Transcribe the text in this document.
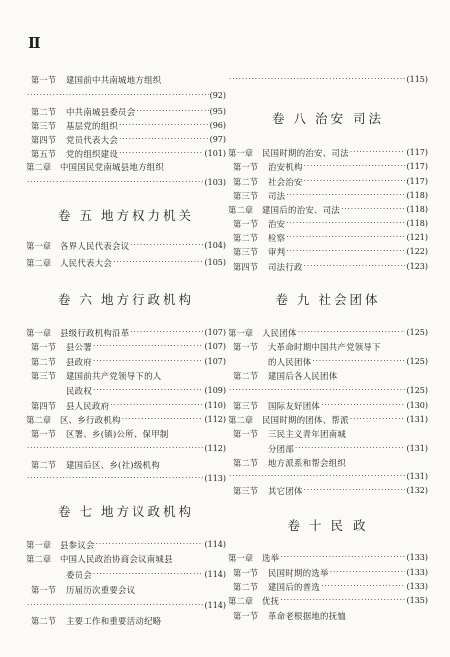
Ⅱ
第一节	建国前中共南城地方组织
·····
(92)
第二节	中共南城县委员会 ·····	(95)
第三节	基层党的组织 ·····	(96)
第四节	党员代表大会 ·····	(97)
第五节	党的组织建设 ·····	(101)
第二章	中国国民党南城县地方组织
·····
(103)
卷 五 地方权力机关
第一章	各界人民代表会议 ·····	(104)
第二章	人民代表大会 ·····	(105)
卷 六 地方行政机构
第一章	县级行政机构沿革 ·····	(107)
第一节	县公署 ·····	(107)
第二节	县政府 ·····	(107)
第三节	建国前共产党领导下的人
民政权 ·····	(109)
第四节	县人民政府 ·····	(110)
第二章	区、乡行政机构 ·····	(112)
第一节	区署、乡(镇)公所、保甲制
·····
(112)
第二节	建国后区、乡(社)级机构
·····
(113)
卷 七 地方议政机构
第一章	县参议会 ·····	(114)
第二章	中国人民政治协商会议南城县
委员会 ·····	(114)
第一节	历届历次重要会议
·····
(114)
第二节	主要工作和重要活动纪略
·····
(115)
卷 八 治安 司法
第一章	民国时期的治安、司法 ·····	(117)
第一节	治安机构 ·····	(117)
第二节	社会治安 ·····	(117)
第三节	司法 ·····	(118)
第二章	建国后的治安、司法 ·····	(118)
第一节	治安 ·····	(118)
第二节	检察 ·····	(121)
第三节	审判 ·····	(122)
第四节	司法行政 ·····	(123)
卷 九 社会团体
第一章	人民团体 ·····	(125)
第一节	大革命时期中国共产党领导下
的人民团体 ·····	(125)
第二节	建国后各人民团体
·····
(125)
第三节	国际友好团体 ·····	(130)
第二章	民国时期的团体、帮派 ·····	(131)
第一节	三民主义青年团南城
分团部 ·····	(131)
第二节	地方派系和帮会组织
·····
(131)
第三节	其它团体 ·····	(132)
卷 十 民 政
第一章	选举 ·····	(133)
第一节	民国时期的选举 ·····	(133)
第二节	建国后的普选 ·····	(133)
第二章	优抚 ·····	(135)
第一节	革命老根据地的抚恤
